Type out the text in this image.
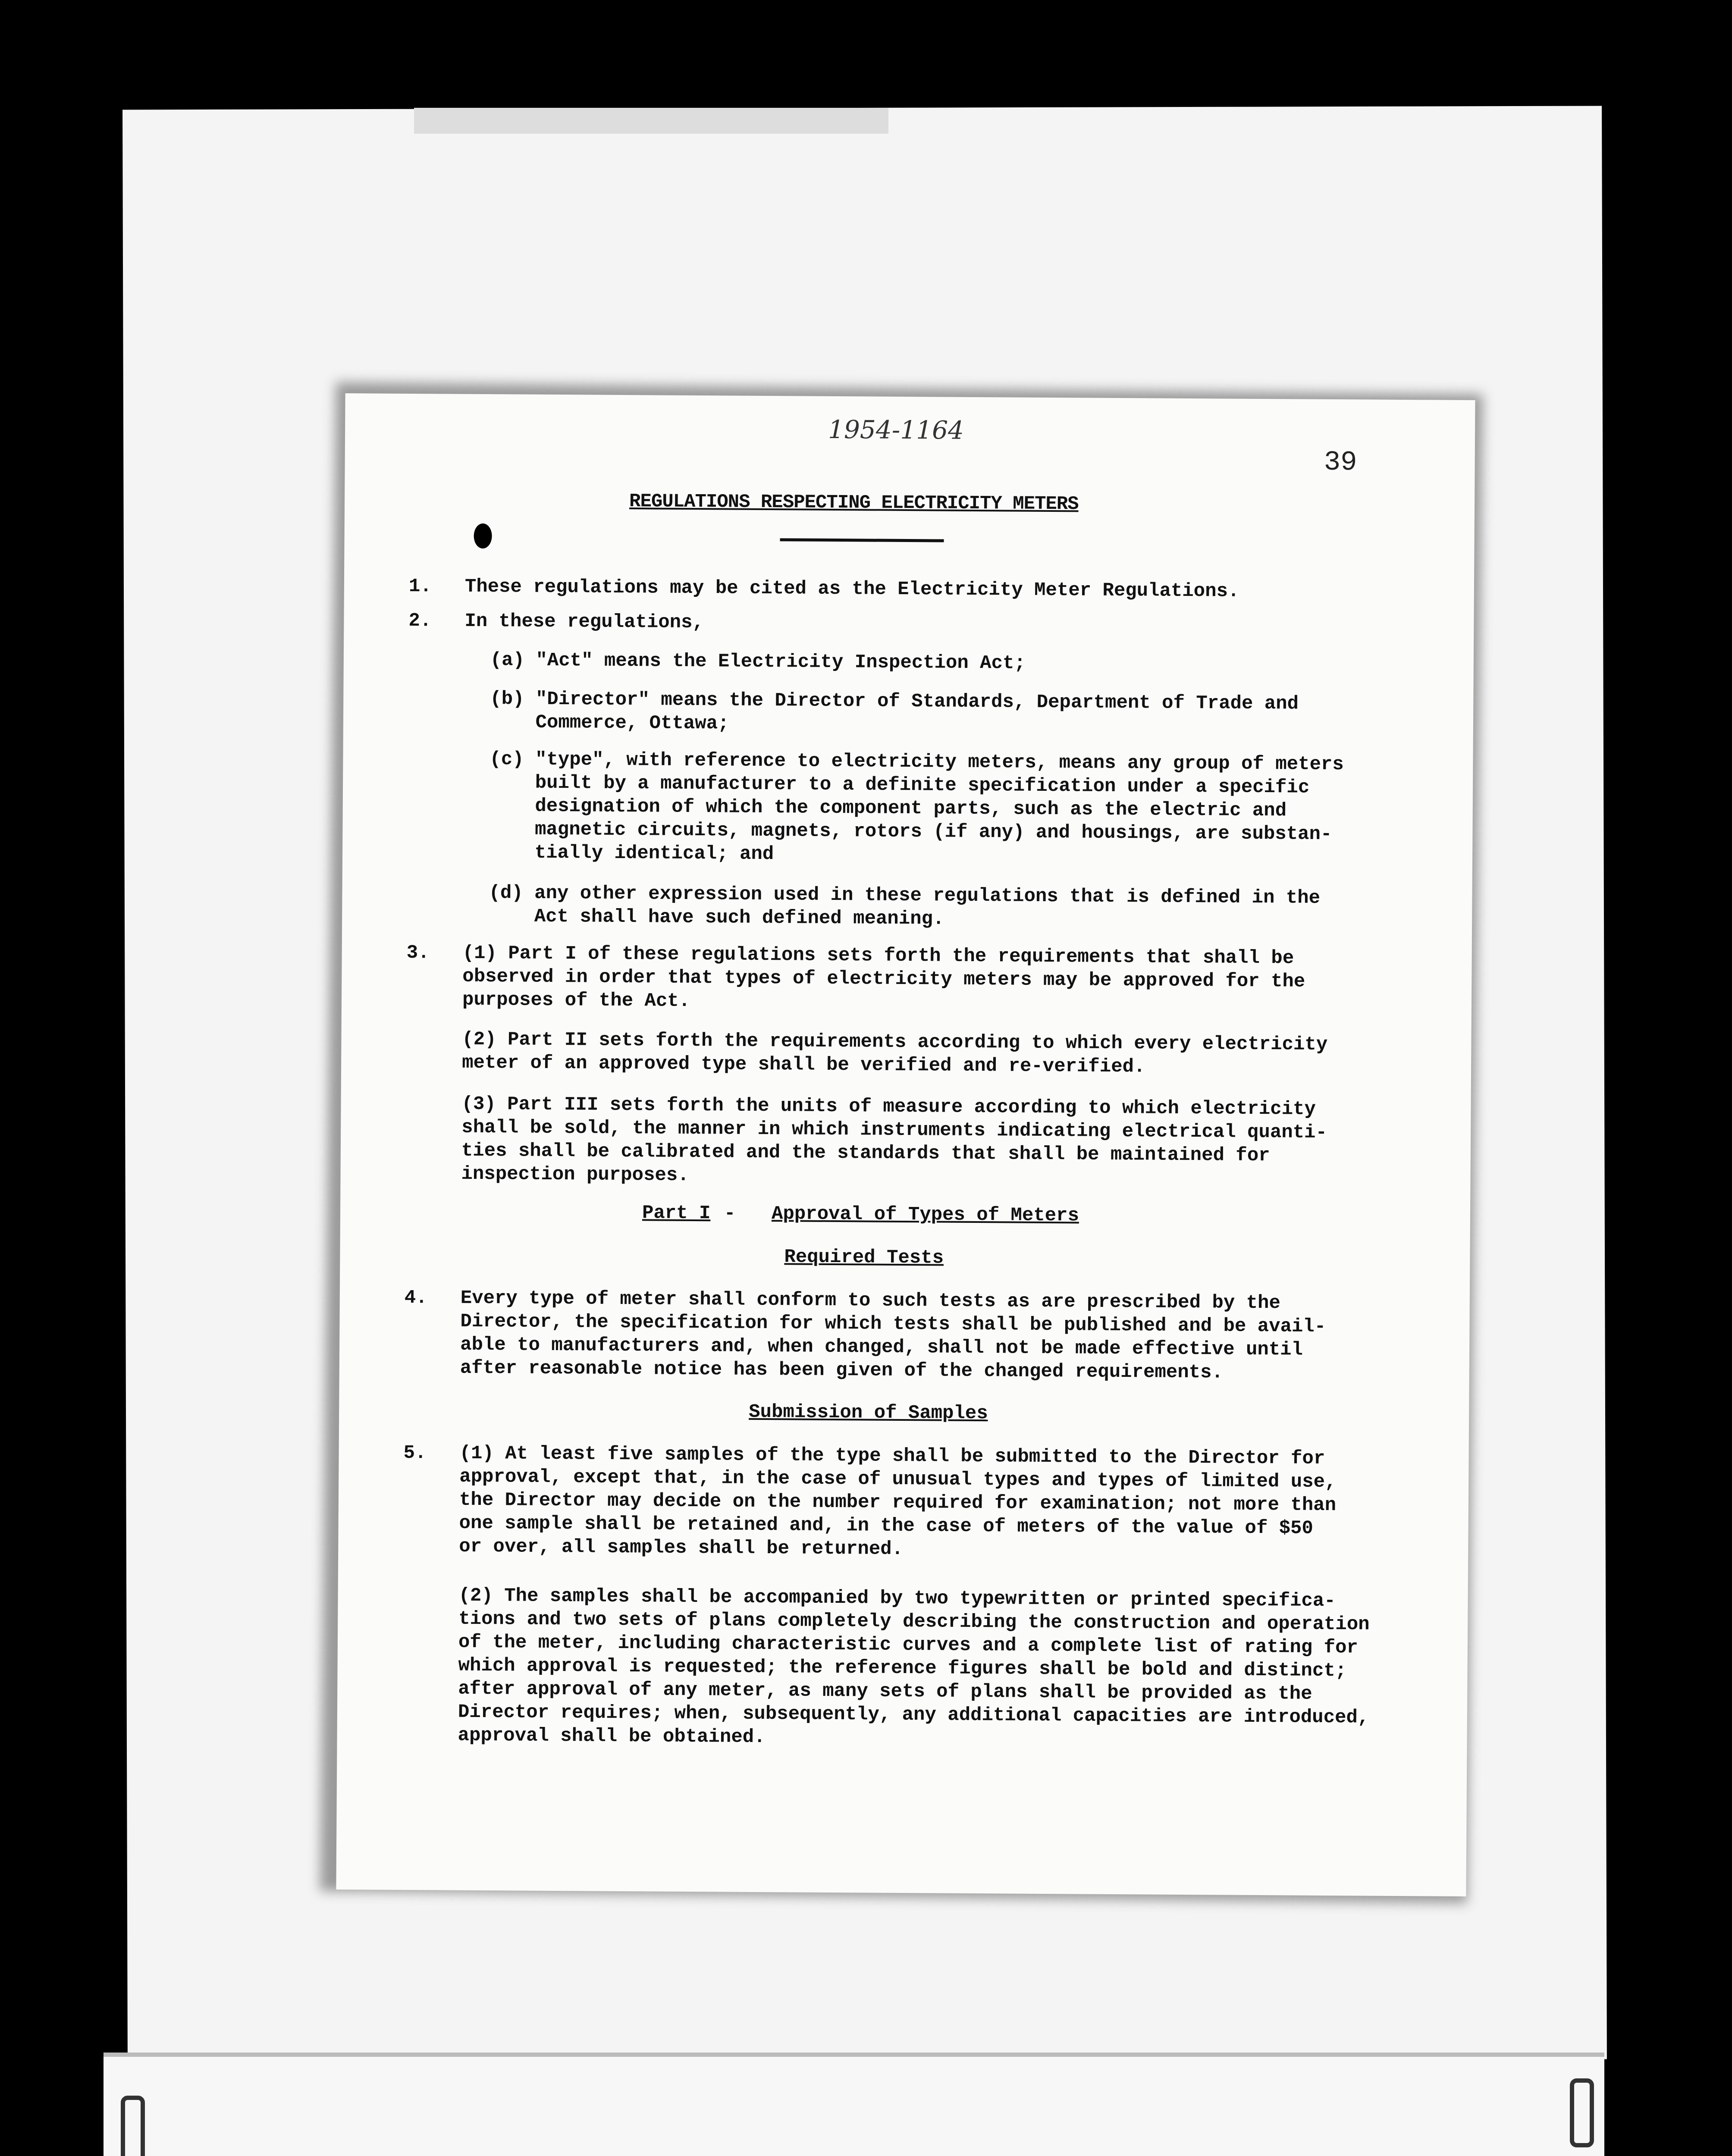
1954-1164
39
REGULATIONS RESPECTING ELECTRICITY METERS
1. These regulations may be cited as the Electricity Meter Regulations.
2. In these regulations,
(a) "Act" means the Electricity Inspection Act;
(b) "Director" means the Director of Standards, Department of Trade and
Commerce, Ottawa;
(c) "type", with reference to electricity meters, means any group of meters
built by a manufacturer to a definite specification under a specific
designation of which the component parts, such as the electric and
magnetic circuits, magnets, rotors (if any) and housings, are substan-
tially identical; and
(d) any other expression used in these regulations that is defined in the
Act shall have such defined meaning.
3. (1) Part I of these regulations sets forth the requirements that shall be
observed in order that types of electricity meters may be approved for the
purposes of the Act.
(2) Part II sets forth the requirements according to which every electricity
meter of an approved type shall be verified and re-verified.
(3) Part III sets forth the units of measure according to which electricity
shall be sold, the manner in which instruments indicating electrical quanti-
ties shall be calibrated and the standards that shall be maintained for
inspection purposes.
Part I - Approval of Types of Meters
Required Tests
4. Every type of meter shall conform to such tests as are prescribed by the
Director, the specification for which tests shall be published and be avail-
able to manufacturers and, when changed, shall not be made effective until
after reasonable notice has been given of the changed requirements.
Submission of Samples
5. (1) At least five samples of the type shall be submitted to the Director for
approval, except that, in the case of unusual types and types of limited use,
the Director may decide on the number required for examination; not more than
one sample shall be retained and, in the case of meters of the value of $50
or over, all samples shall be returned.
(2) The samples shall be accompanied by two typewritten or printed specifica-
tions and two sets of plans completely describing the construction and operation
of the meter, including characteristic curves and a complete list of rating for
which approval is requested; the reference figures shall be bold and distinct;
after approval of any meter, as many sets of plans shall be provided as the
Director requires; when, subsequently, any additional capacities are introduced,
approval shall be obtained.
